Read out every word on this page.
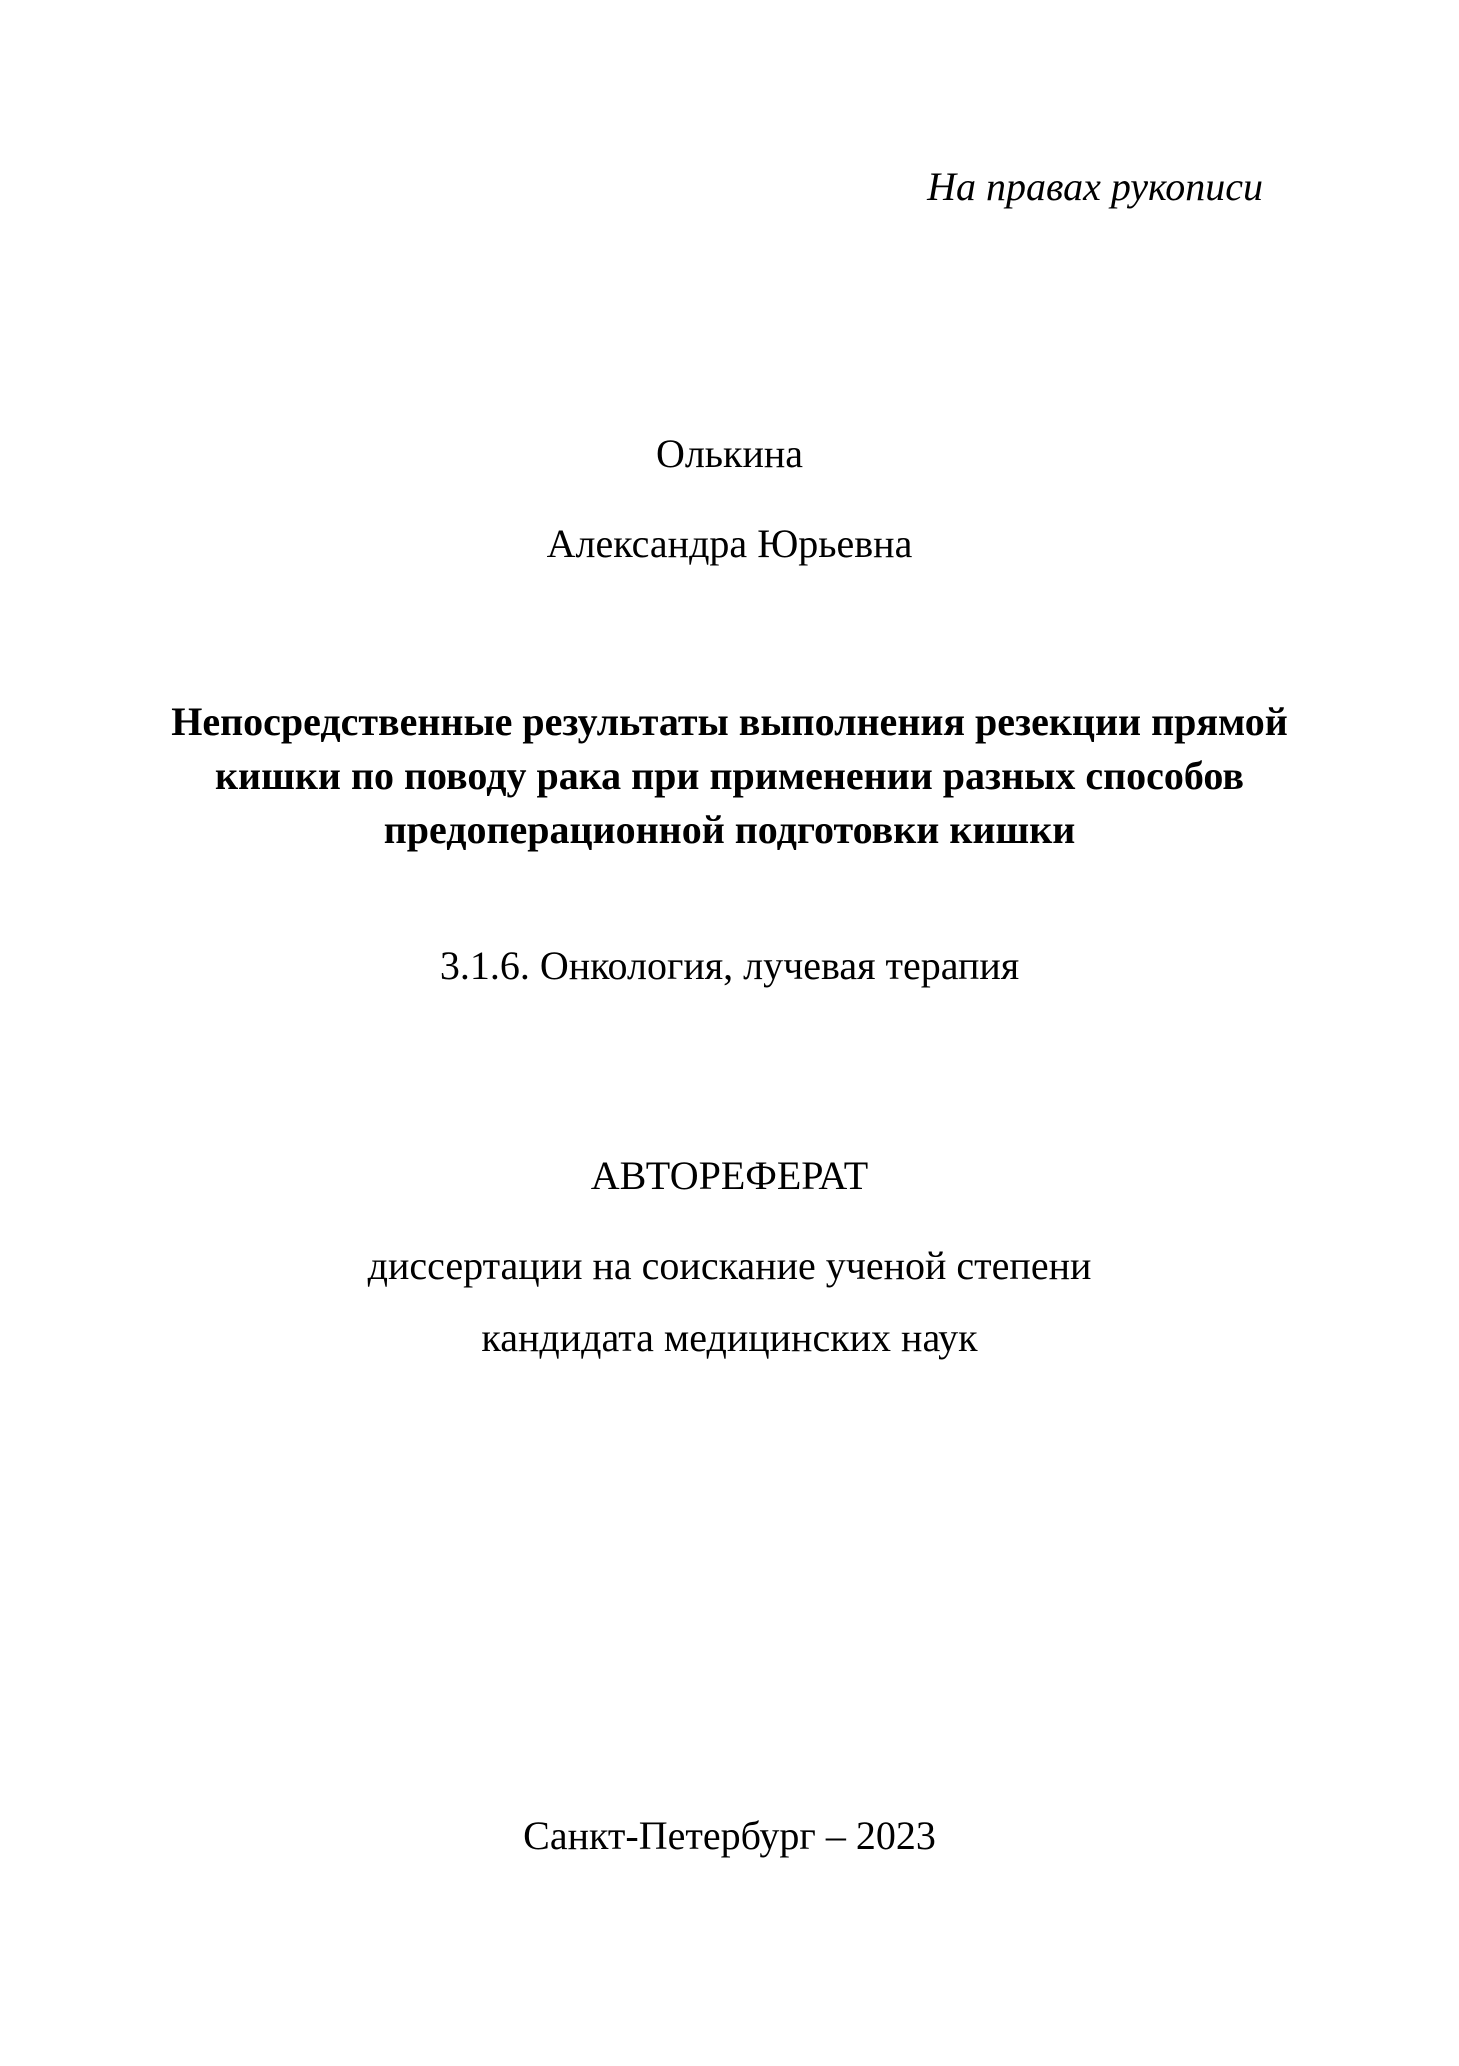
На правах рукописи
Олькина
Александра Юрьевна
Непосредственные результаты выполнения резекции прямой
кишки по поводу рака при применении разных способов
предоперационной подготовки кишки
3.1.6. Онкология, лучевая терапия
АВТОРЕФЕРАТ
диссертации на соискание ученой степени
кандидата медицинских наук
Санкт-Петербург – 2023
